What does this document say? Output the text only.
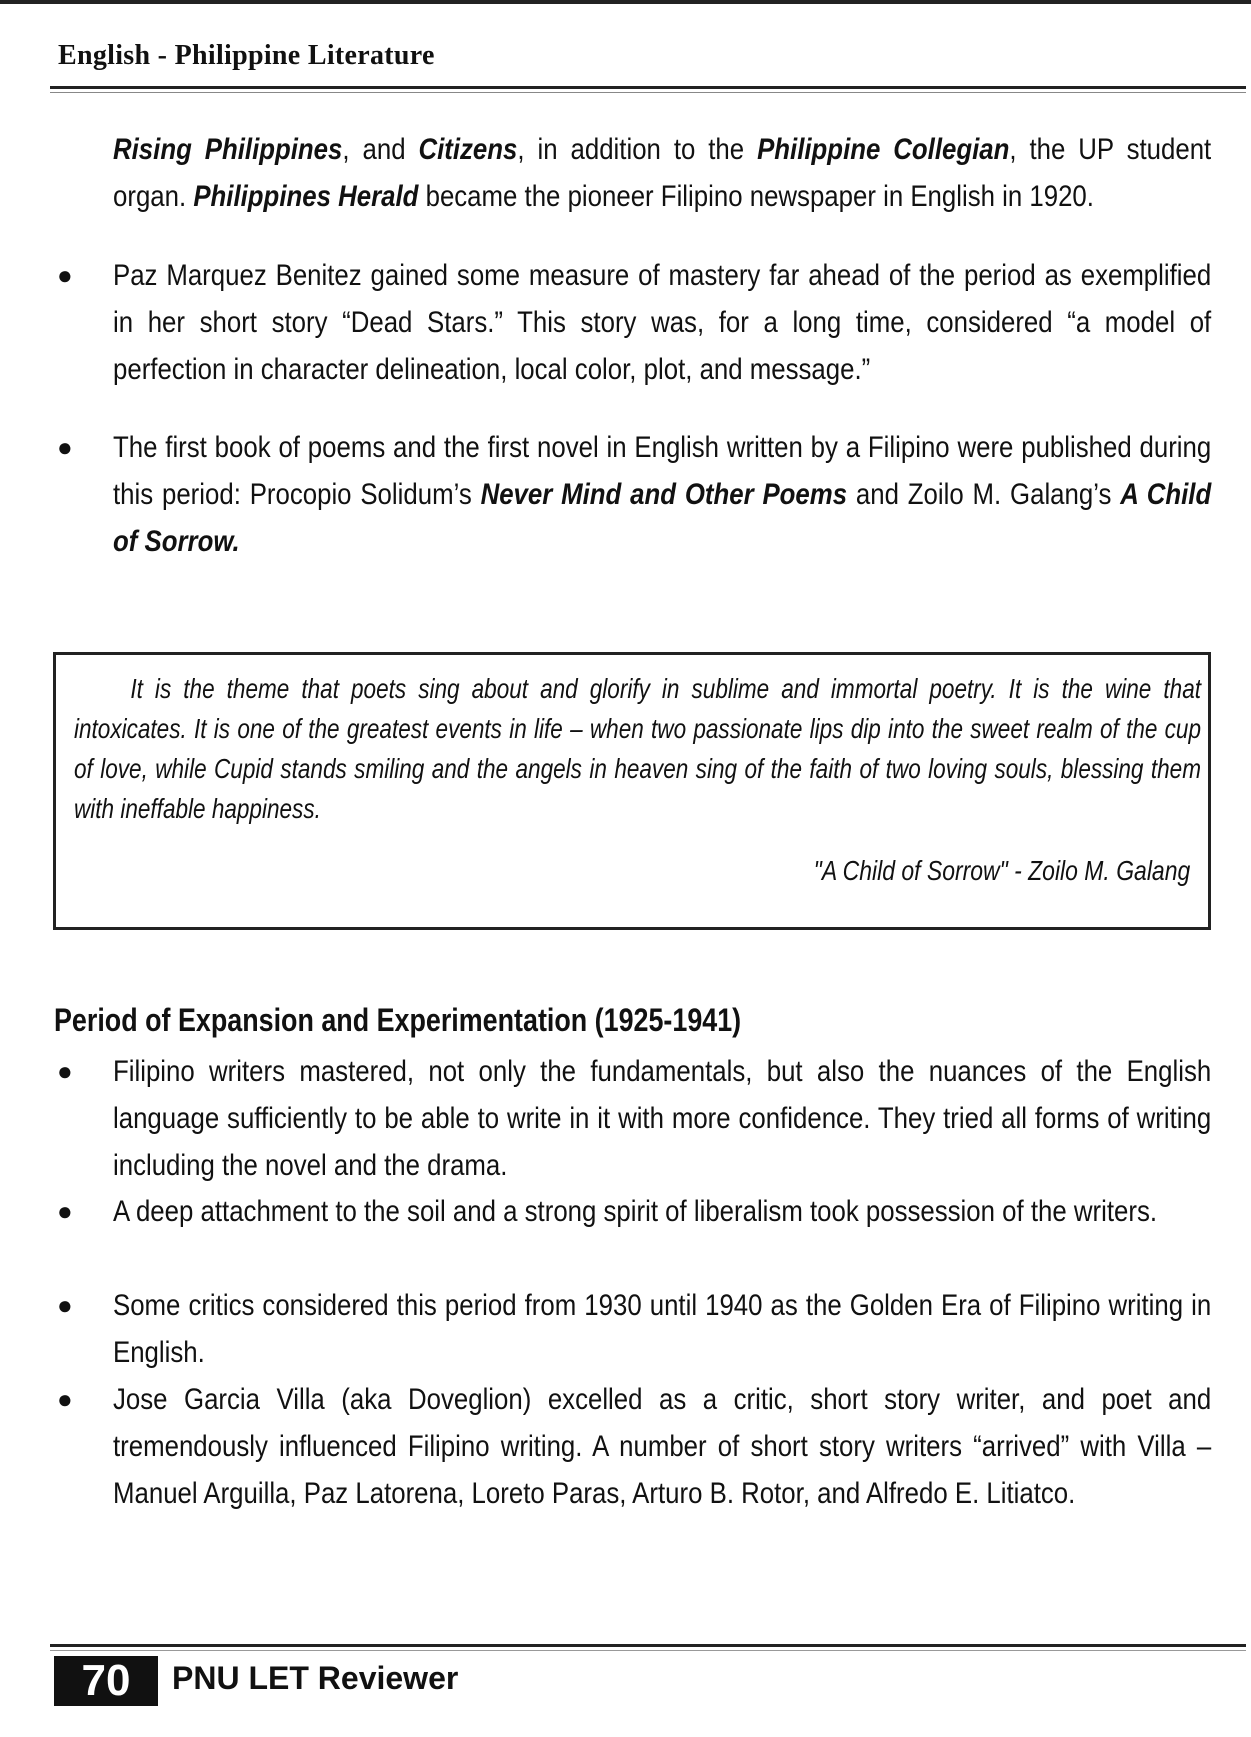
English - Philippine Literature
Rising Philippines, and Citizens, in addition to the Philippine Collegian, the UP student organ. Philippines Herald became the pioneer Filipino newspaper in English in 1920.
● Paz Marquez Benitez gained some measure of mastery far ahead of the period as exemplified in her short story “Dead Stars.” This story was, for a long time, considered “a model of perfection in character delineation, local color, plot, and message.”
● The first book of poems and the first novel in English written by a Filipino were published during this period: Procopio Solidum’s Never Mind and Other Poems and Zoilo M. Galang’s A Child of Sorrow.
It is the theme that poets sing about and glorify in sublime and immortal poetry. It is the wine that intoxicates. It is one of the greatest events in life – when two passionate lips dip into the sweet realm of the cup of love, while Cupid stands smiling and the angels in heaven sing of the faith of two loving souls, blessing them with ineffable happiness.
"A Child of Sorrow" - Zoilo M. Galang
Period of Expansion and Experimentation (1925-1941)
● Filipino writers mastered, not only the fundamentals, but also the nuances of the English language sufficiently to be able to write in it with more confidence. They tried all forms of writing including the novel and the drama.
● A deep attachment to the soil and a strong spirit of liberalism took possession of the writers.
● Some critics considered this period from 1930 until 1940 as the Golden Era of Filipino writing in English.
● Jose Garcia Villa (aka Doveglion) excelled as a critic, short story writer, and poet and tremendously influenced Filipino writing. A number of short story writers “arrived” with Villa – Manuel Arguilla, Paz Latorena, Loreto Paras, Arturo B. Rotor, and Alfredo E. Litiatco.
70	PNU LET Reviewer
